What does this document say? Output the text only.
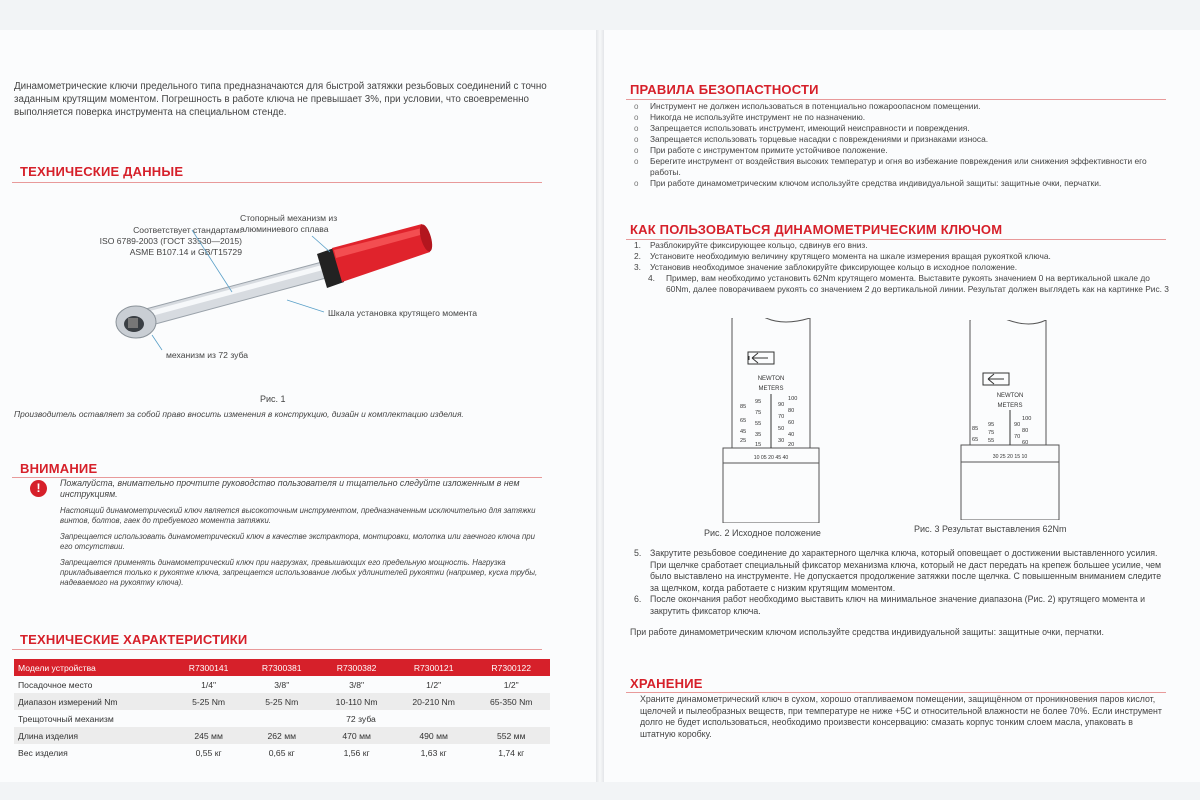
Динамометрические ключи предельного типа предназначаются для быстрой затяжки резьбовых соединений с точно заданным крутящим моментом. Погрешность в работе ключа не превышает 3%, при условии, что своевременно выполняется поверка инструмента на специальном стенде.
ТЕХНИЧЕСКИЕ ДАННЫЕ
Соответствует стандартам:
ISO 6789-2003 (ГОСТ 33530—2015)
ASME B107.14 и GB/T15729
Стопорный механизм из
алюминиевого сплава
Шкала установка крутящего момента
механизм из 72 зуба
Рис. 1
Производитель оставляет за собой право вносить изменения в конструкцию, дизайн и комплектацию изделия.
ВНИМАНИЕ
!	Пожалуйста, внимательно прочтите руководство пользователя и тщательно следуйте изложенным в нем инструкциям.
Настоящий динамометрический ключ является высокоточным инструментом, предназначенным исключительно для затяжки винтов, болтов, гаек до требуемого момента затяжки.
Запрещается использовать динамометрический ключ в качестве экстрактора, монтировки, молотка или гаечного ключа при его отсутствии.
Запрещается применять динамометрический ключ при нагрузках, превышающих его предельную мощность. Нагрузка прикладывается только к рукоятке ключа, запрещается использование любых удлинителей рукоятки (например, куска трубы, надеваемого на рукоятку ключа).
ТЕХНИЧЕСКИЕ ХАРАКТЕРИСТИКИ
Модели устройства	R7300141	R7300381	R7300382	R7300121	R7300122
Посадочное место	1/4"	3/8"	3/8"	1/2"	1/2"
Диапазон измерений Nm	5-25 Nm	5-25 Nm	10-110 Nm	20-210 Nm	65-350 Nm
Трещоточный механизм	72 зуба				
Длина изделия	245 мм	262 мм	470 мм	490 мм	552 мм
Вес изделия	0,55 кг	0,65 кг	1,56 кг	1,63 кг	1,74 кг
ПРАВИЛА БЕЗОПАСТНОСТИ
o Инструмент не должен использоваться в потенциально пожароопасном помещении.
o Никогда не используйте инструмент не по назначению.
o Запрещается использовать инструмент, имеющий неисправности и повреждения.
o Запрещается использовать торцевые насадки с повреждениями и признаками износа.
o При работе с инструментом примите устойчивое положение.
o Берегите инструмент от воздействия высоких температур и огня во избежание повреждения или снижения эффективности его работы.
o При работе динамометрическим ключом используйте средства индивидуальной защиты: защитные очки, перчатки.
КАК ПОЛЬЗОВАТЬСЯ ДИНАМОМЕТРИЧЕСКИМ КЛЮЧОМ
1. Разблокируйте фиксирующее кольцо, сдвинув его вниз.
2. Установите необходимую величину крутящего момента на шкале измерения вращая рукояткой ключа.
3. Установив необходимое значение заблокируйте фиксирующее кольцо в исходное положение.
4. Пример, вам необходимо установить 62Nm крутящего момента. Выставите рукоять значением 0 на вертикальной шкале до 60Nm, далее поворачиваем рукоять со значением 2 до вертикальной линии. Результат должен выглядеть как на картинке Рис. 3
NEWTON
METERS
85
65
45
25
95
75
55
35
15
100
90
80
70
60
50
40
30
20
10 05 20 45 40
NEWTON
METERS
85
65
95
75
55
100
90
80
70
60
30 25 20 15 10
Рис. 2 Исходное положение	Рис. 3 Результат выставления 62Nm
5. Закрутите резьбовое соединение до характерного щелчка ключа, который оповещает о достижении выставленного усилия. При щелчке сработает специальный фиксатор механизма ключа, который не даст передать на крепеж большее усилие, чем было выставлено на инструменте. Не допускается продолжение затяжки после щелчка. С повышенным вниманием следите за щелчком, когда работаете с низким крутящим моментом.
6. После окончания работ необходимо выставить ключ на минимальное значение диапазона (Рис. 2) крутящего момента и закрутить фиксатор ключа.
При работе динамометрическим ключом используйте средства индивидуальной защиты: защитные очки, перчатки.
ХРАНЕНИЕ
Храните динамометрический ключ в сухом, хорошо отапливаемом помещении, защищённом от проникновения паров кислот, щелочей и пылеобразных веществ, при температуре не ниже +5С и относительной влажности не более 70%. Если инструмент долго не будет использоваться, необходимо произвести консервацию: смазать корпус тонким слоем масла, упаковать в штатную коробку.
